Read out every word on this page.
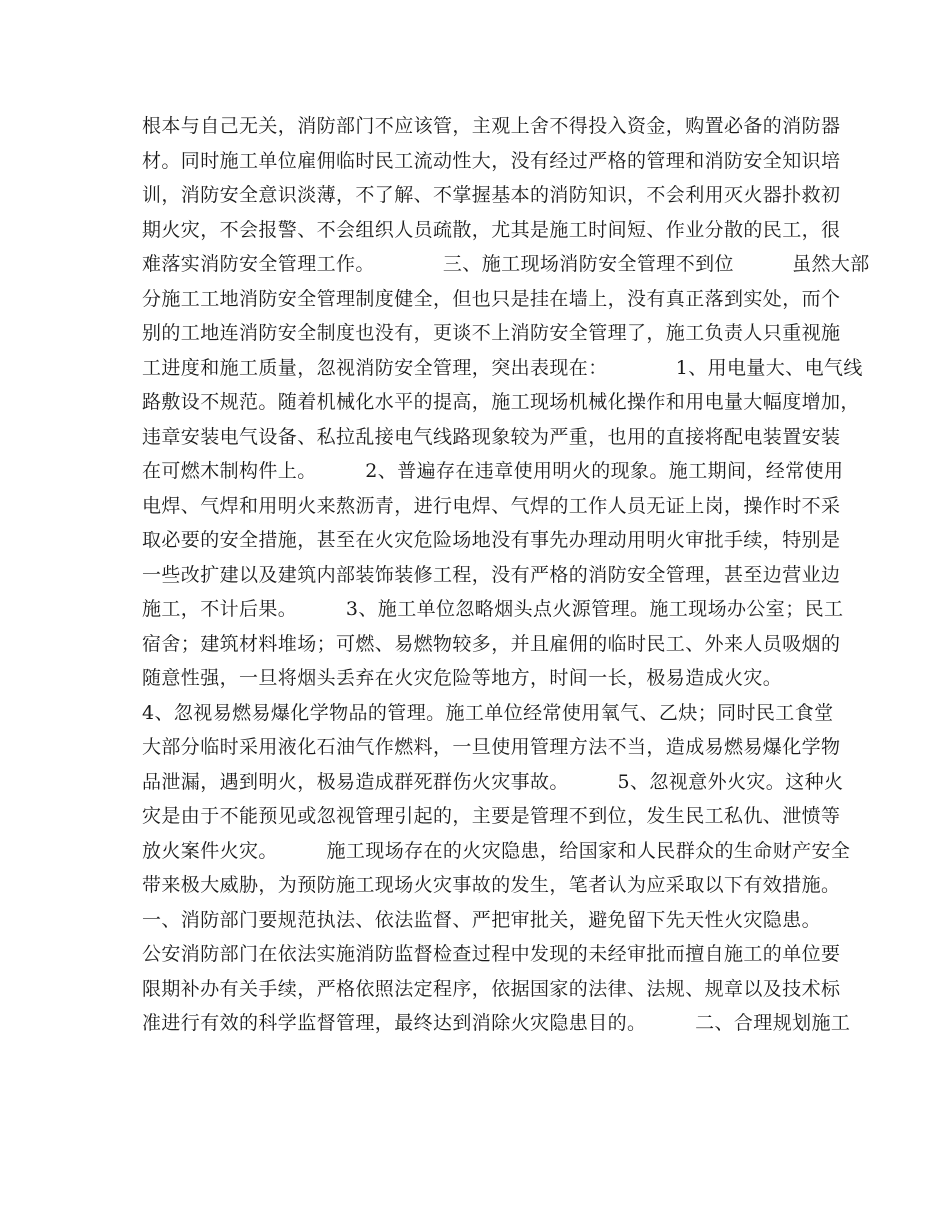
根本与自己无关，消防部门不应该管，主观上舍不得投入资金，购置必备的消防器
材。同时施工单位雇佣临时民工流动性大，没有经过严格的管理和消防安全知识培
训，消防安全意识淡薄，不了解、不掌握基本的消防知识，不会利用灭火器扑救初
期火灾，不会报警、不会组织人员疏散，尤其是施工时间短、作业分散的民工，很
难落实消防安全管理工作。　　　　三、施工现场消防安全管理不到位　　　虽然大部
分施工工地消防安全管理制度健全，但也只是挂在墙上，没有真正落到实处，而个
别的工地连消防安全制度也没有，更谈不上消防安全管理了，施工负责人只重视施
工进度和施工质量，忽视消防安全管理，突出表现在：　　　　1、用电量大、电气线
路敷设不规范。随着机械化水平的提高，施工现场机械化操作和用电量大幅度增加，
违章安装电气设备、私拉乱接电气线路现象较为严重，也用的直接将配电装置安装
在可燃木制构件上。　　　2、普遍存在违章使用明火的现象。施工期间，经常使用
电焊、气焊和用明火来熬沥青，进行电焊、气焊的工作人员无证上岗，操作时不采
取必要的安全措施，甚至在火灾危险场地没有事先办理动用明火审批手续，特别是
一些改扩建以及建筑内部装饰装修工程，没有严格的消防安全管理，甚至边营业边
施工，不计后果。　　　3、施工单位忽略烟头点火源管理。施工现场办公室；民工
宿舍；建筑材料堆场；可燃、易燃物较多，并且雇佣的临时民工、外来人员吸烟的
随意性强，一旦将烟头丢弃在火灾危险等地方，时间一长，极易造成火灾。
4、忽视易燃易爆化学物品的管理。施工单位经常使用氧气、乙炔；同时民工食堂
大部分临时采用液化石油气作燃料，一旦使用管理方法不当，造成易燃易爆化学物
品泄漏，遇到明火，极易造成群死群伤火灾事故。　　　5、忽视意外火灾。这种火
灾是由于不能预见或忽视管理引起的，主要是管理不到位，发生民工私仇、泄愤等
放火案件火灾。　　　施工现场存在的火灾隐患，给国家和人民群众的生命财产安全
带来极大威胁，为预防施工现场火灾事故的发生，笔者认为应采取以下有效措施。
一、消防部门要规范执法、依法监督、严把审批关，避免留下先天性火灾隐患。
公安消防部门在依法实施消防监督检查过程中发现的未经审批而擅自施工的单位要
限期补办有关手续，严格依照法定程序，依据国家的法律、法规、规章以及技术标
准进行有效的科学监督管理，最终达到消除火灾隐患目的。　　　二、合理规划施工
